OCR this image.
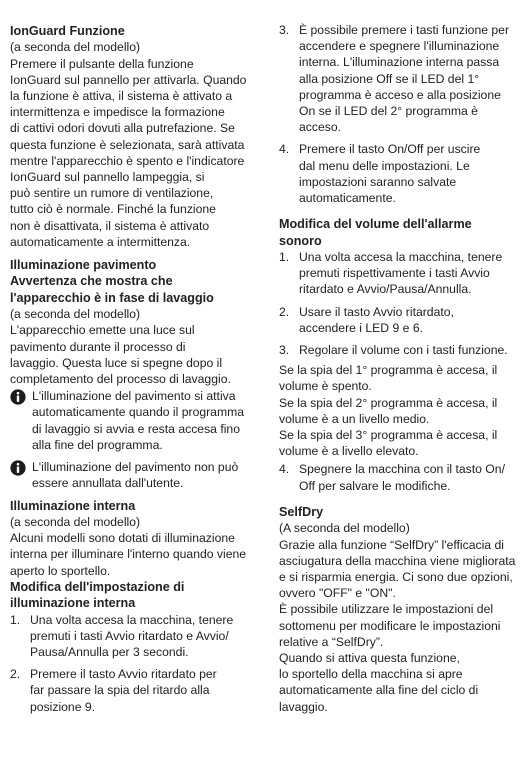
IonGuard Funzione

(a seconda del modello)

Premere il pulsante della funzione

IonGuard sul pannello per attivarla. Quando

la funzione è attiva, il sistema è attivato a

intermittenza e impedisce la formazione

di cattivi odori dovuti alla putrefazione. Se

questa funzione è selezionata, sarà attivata

mentre l'apparecchio è spento e l'indicatore

IonGuard sul pannello lampeggia, si

può sentire un rumore di ventilazione,

tutto ciò è normale. Finché la funzione

non è disattivata, il sistema è attivato

automaticamente a intermittenza.

Illuminazione pavimento
Avvertenza che mostra che
l'apparecchio è in fase di lavaggio

(a seconda del modello)

L'apparecchio emette una luce sul

pavimento durante il processo di

lavaggio. Questa luce si spegne dopo il

completamento del processo di lavaggio.

L'illuminazione del pavimento si attiva

automaticamente quando il programma

di lavaggio si avvia e resta accesa fino

alla fine del programma.

L'illuminazione del pavimento non può

essere annullata dall'utente.

Illuminazione interna

(a seconda del modello)

Alcuni modelli sono dotati di illuminazione

interna per illuminare l'interno quando viene

aperto lo sportello.

Modifica dell'impostazione di
illuminazione interna
1. Una volta accesa la macchina, tenere

premuti i tasti Avvio ritardato e Avvio/

Pausa/Annulla per 3 secondi.

2. Premere il tasto Avvio ritardato per

far passare la spia del ritardo alla

posizione 9.

3. È possibile premere i tasti funzione per

accendere e spegnere l'illuminazione

interna. L'illuminazione interna passa

alla posizione Off se il LED del 1°

programma è acceso e alla posizione

On se il LED del 2° programma è

acceso.

4. Premere il tasto On/Off per uscire

dal menu delle impostazioni. Le

impostazioni saranno salvate

automaticamente.

Modifica del volume dell'allarme
sonoro
1. Una volta accesa la macchina, tenere

premuti rispettivamente i tasti Avvio

ritardato e Avvio/Pausa/Annulla.

2. Usare il tasto Avvio ritardato,

accendere i LED 9 e 6.

3. Regolare il volume con i tasti funzione.

Se la spia del 1° programma è accesa, il

volume è spento.

Se la spia del 2° programma è accesa, il

volume è a un livello medio.

Se la spia del 3° programma è accesa, il

volume è a livello elevato.

4. Spegnere la macchina con il tasto On/

Off per salvare le modifiche.

SelfDry

(A seconda del modello)

Grazie alla funzione “SelfDry” l'efficacia di

asciugatura della macchina viene migliorata

e si risparmia energia. Ci sono due opzioni,

ovvero "OFF" e "ON".

È possibile utilizzare le impostazioni del

sottomenu per modificare le impostazioni

relative a “SelfDry”.

Quando si attiva questa funzione,

lo sportello della macchina si apre

automaticamente alla fine del ciclo di

lavaggio.
